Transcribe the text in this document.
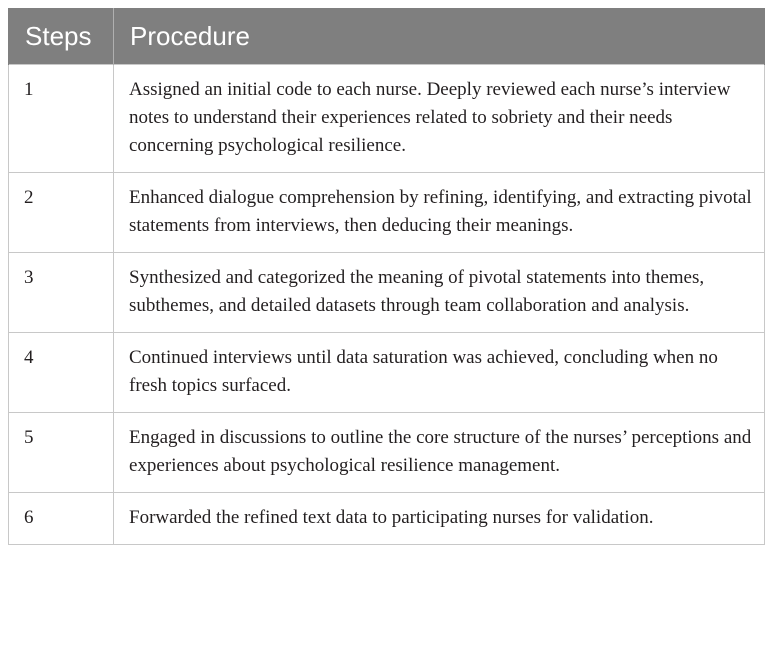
Steps	Procedure
1	Assigned an initial code to each nurse. Deeply reviewed each nurse’s interview notes to understand their experiences related to sobriety and their needs concerning psychological resilience.
2	Enhanced dialogue comprehension by refining, identifying, and extracting pivotal statements from interviews, then deducing their meanings.
3	Synthesized and categorized the meaning of pivotal statements into themes, subthemes, and detailed datasets through team collaboration and analysis.
4	Continued interviews until data saturation was achieved, concluding when no fresh topics surfaced.
5	Engaged in discussions to outline the core structure of the nurses’ perceptions and experiences about psychological resilience management.
6	Forwarded the refined text data to participating nurses for validation.
